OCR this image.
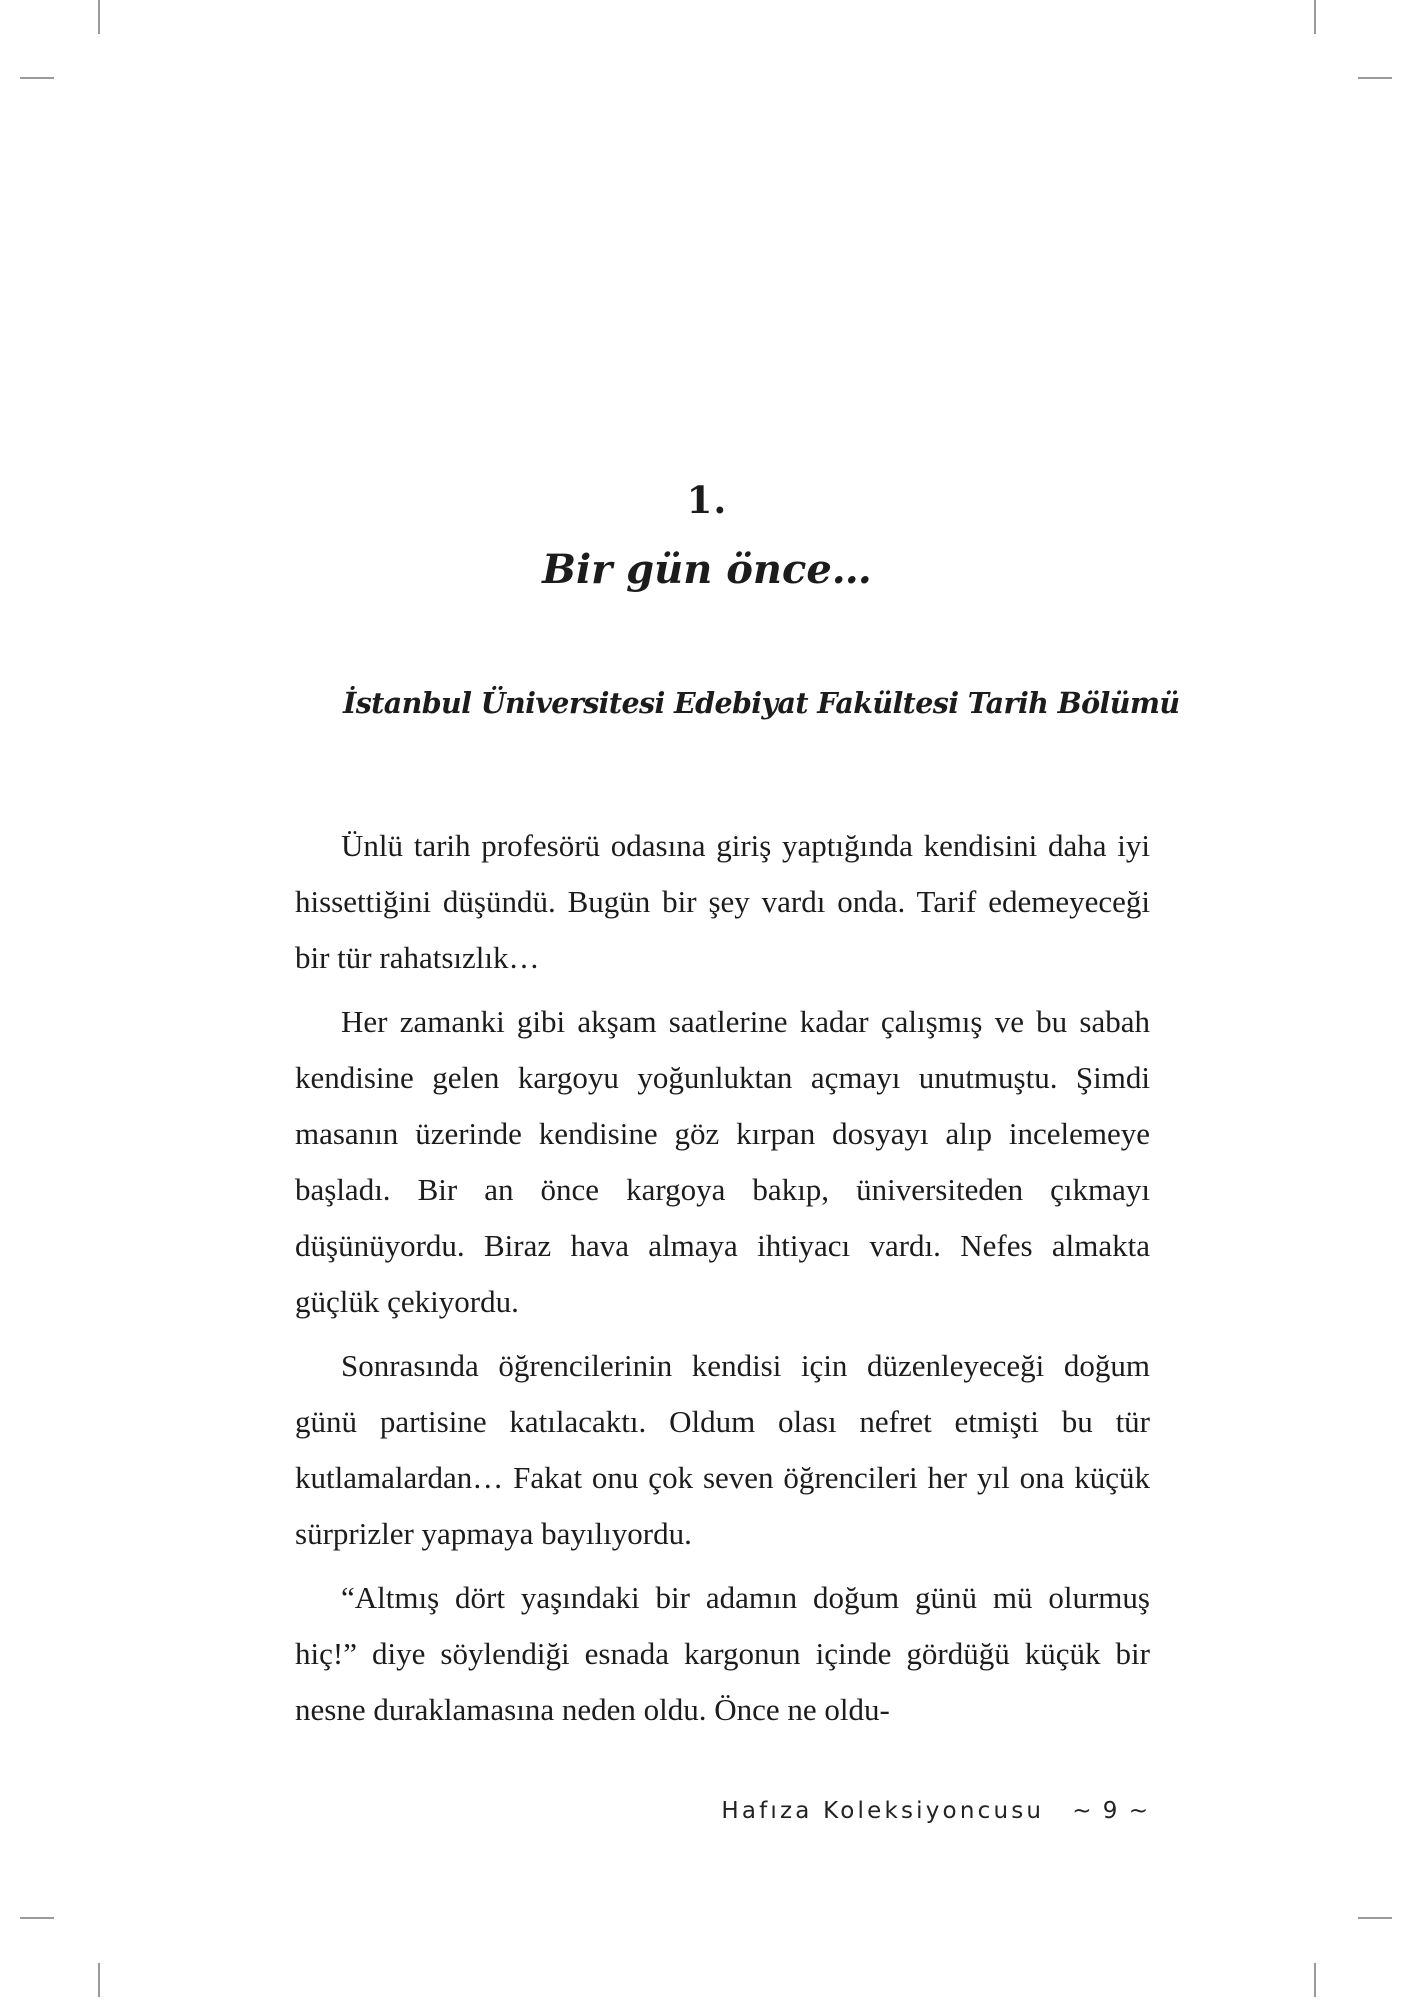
1.
Bir gün önce…
İstanbul Üniversitesi Edebiyat Fakültesi Tarih Bölümü

Ünlü tarih profesörü odasına giriş yaptığında kendisini daha iyi hissettiğini düşündü. Bugün bir şey vardı onda. Tarif edemeyeceği bir tür rahatsızlık…

Her zamanki gibi akşam saatlerine kadar çalışmış ve bu sabah kendisine gelen kargoyu yoğunluktan açmayı unutmuştu. Şimdi masanın üzerinde kendisine göz kırpan dosyayı alıp incelemeye başladı. Bir an önce kargoya bakıp, üniversiteden çıkmayı düşünüyordu. Biraz hava almaya ihtiyacı vardı. Nefes almakta güçlük çekiyordu.

Sonrasında öğrencilerinin kendisi için düzenleyeceği doğum günü partisine katılacaktı. Oldum olası nefret etmişti bu tür kutlamalardan… Fakat onu çok seven öğrencileri her yıl ona küçük sürprizler yapmaya bayılıyordu.

“Altmış dört yaşındaki bir adamın doğum günü mü olurmuş hiç!” diye söylendiği esnada kargonun içinde gördüğü küçük bir nesne duraklamasına neden oldu. Önce ne oldu-

Hafıza Koleksiyoncusu ~ 9 ~
